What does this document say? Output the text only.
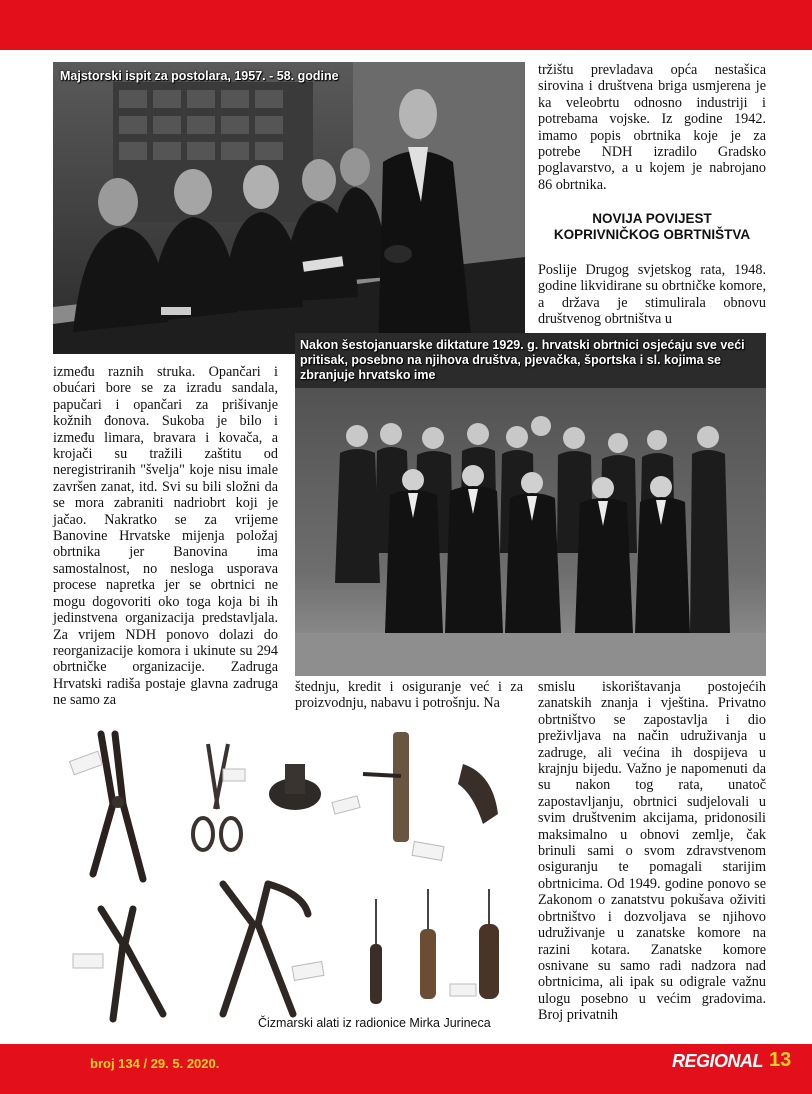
Majstorski ispit za postolara, 1957. - 58. godine	tržištu prevladava opća nestašica sirovina i društvena briga usmjerena je ka veleobrtu odnosno industriji i potrebama vojske. Iz godine 1942. imamo popis obrtnika koje je za potrebe NDH izradilo Gradsko poglavarstvo, a u kojem je nabrojano 86 obrtnika.
NOVIJA POVIJEST
KOPRIVNIČKOG OBRTNIŠTVA
Poslije Drugog svjetskog rata, 1948. godine likvidirane su obrtničke komore, a država je stimulirala obnovu društvenog obrtništva u
Nakon šestojanuarske diktature 1929. g. hrvatski obrtnici osjećaju sve veći pritisak, posebno na njihova društva, pjevačka, športska i sl. kojima se zbranjuje hrvatsko ime
između raznih struka. Opančari i obućari bore se za izradu sandala, papučari i opančari za prišivanje kožnih đonova. Sukoba je bilo i između limara, bravara i kovača, a krojači su tražili zaštitu od neregistriranih "švelja" koje nisu imale završen zanat, itd. Svi su bili složni da se mora zabraniti nadriobrt koji je jačao. Nakratko se za vrijeme Banovine Hrvatske mijenja položaj obrtnika jer Banovina ima samostalnost, no nesloga usporava procese napretka jer se obrtnici ne mogu dogovoriti oko toga koja bi ih jedinstvena organizacija predstavljala. Za vrijem NDH ponovo dolazi do reorganizacije komora i ukinute su 294 obrtničke organizacije. Zadruga Hrvatski radiša postaje glavna zadruga ne samo za
štednju, kredit i osiguranje već i za proizvodnju, nabavu i potrošnju. Na
smislu iskorištavanja postojećih zanatskih znanja i vještina. Privatno obrtništvo se zapostavlja i dio preživljava na način udruživanja u zadruge, ali većina ih dospijeva u krajnju bijedu. Važno je napomenuti da su nakon tog rata, unatoč zapostavljanju, obrtnici sudjelovali u svim društvenim akcijama, pridonosili maksimalno u obnovi zemlje, čak brinuli sami o svom zdravstvenom osiguranju te pomagali starijim obrtnicima. Od 1949. godine ponovo se Zakonom o zanatstvu pokušava oživiti obrtništvo i dozvoljava se njihovo udruživanje u zanatske komore na razini kotara. Zanatske komore osnivane su samo radi nadzora nad obrtnicima, ali ipak su odigrale važnu ulogu posebno u većim gradovima. Broj privatnih
Čizmarski alati iz radionice Mirka Jurineca
broj 134 / 29. 5. 2020.	REGIONAL 13
